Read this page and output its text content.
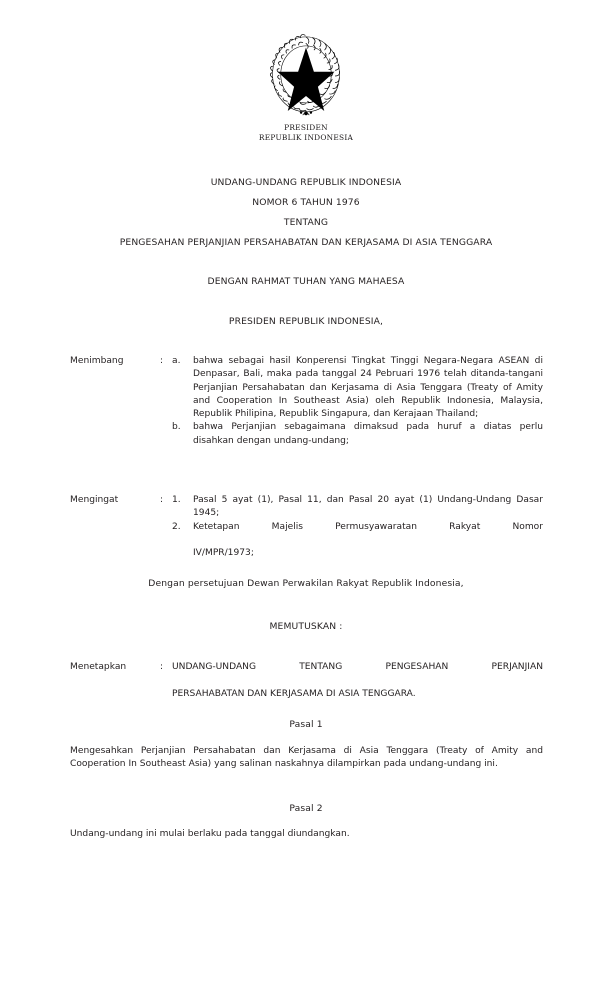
PRESIDEN
REPUBLIK INDONESIA
UNDANG-UNDANG REPUBLIK INDONESIA
NOMOR 6 TAHUN 1976
TENTANG
PENGESAHAN PERJANJIAN PERSAHABATAN DAN KERJASAMA DI ASIA TENGGARA
DENGAN RAHMAT TUHAN YANG MAHAESA
PRESIDEN REPUBLIK INDONESIA,
Menimbang	: a.	bahwa sebagai hasil Konperensi Tingkat Tinggi Negara-Negara ASEAN di Denpasar, Bali, maka pada tanggal 24 Pebruari 1976 telah ditanda-tangani Perjanjian Persahabatan dan Kerjasama di Asia Tenggara (Treaty of Amity and Cooperation In Southeast Asia) oleh Republik Indonesia, Malaysia, Republik Philipina, Republik Singapura, dan Kerajaan Thailand;
b.	bahwa Perjanjian sebagaimana dimaksud pada huruf a diatas perlu disahkan dengan undang-undang;
Mengingat	: 1.	Pasal 5 ayat (1), Pasal 11, dan Pasal 20 ayat (1) Undang-Undang Dasar 1945;
2.	Ketetapan Majelis Permusyawaratan Rakyat Nomor
IV/MPR/1973;
Dengan persetujuan Dewan Perwakilan Rakyat Republik Indonesia,
MEMUTUSKAN :
Menetapkan	: UNDANG-UNDANG TENTANG PENGESAHAN PERJANJIAN
PERSAHABATAN DAN KERJASAMA DI ASIA TENGGARA.
Pasal 1
Mengesahkan Perjanjian Persahabatan dan Kerjasama di Asia Tenggara (Treaty of Amity and Cooperation In Southeast Asia) yang salinan naskahnya dilampirkan pada undang-undang ini.
Pasal 2
Undang-undang ini mulai berlaku pada tanggal diundangkan.
